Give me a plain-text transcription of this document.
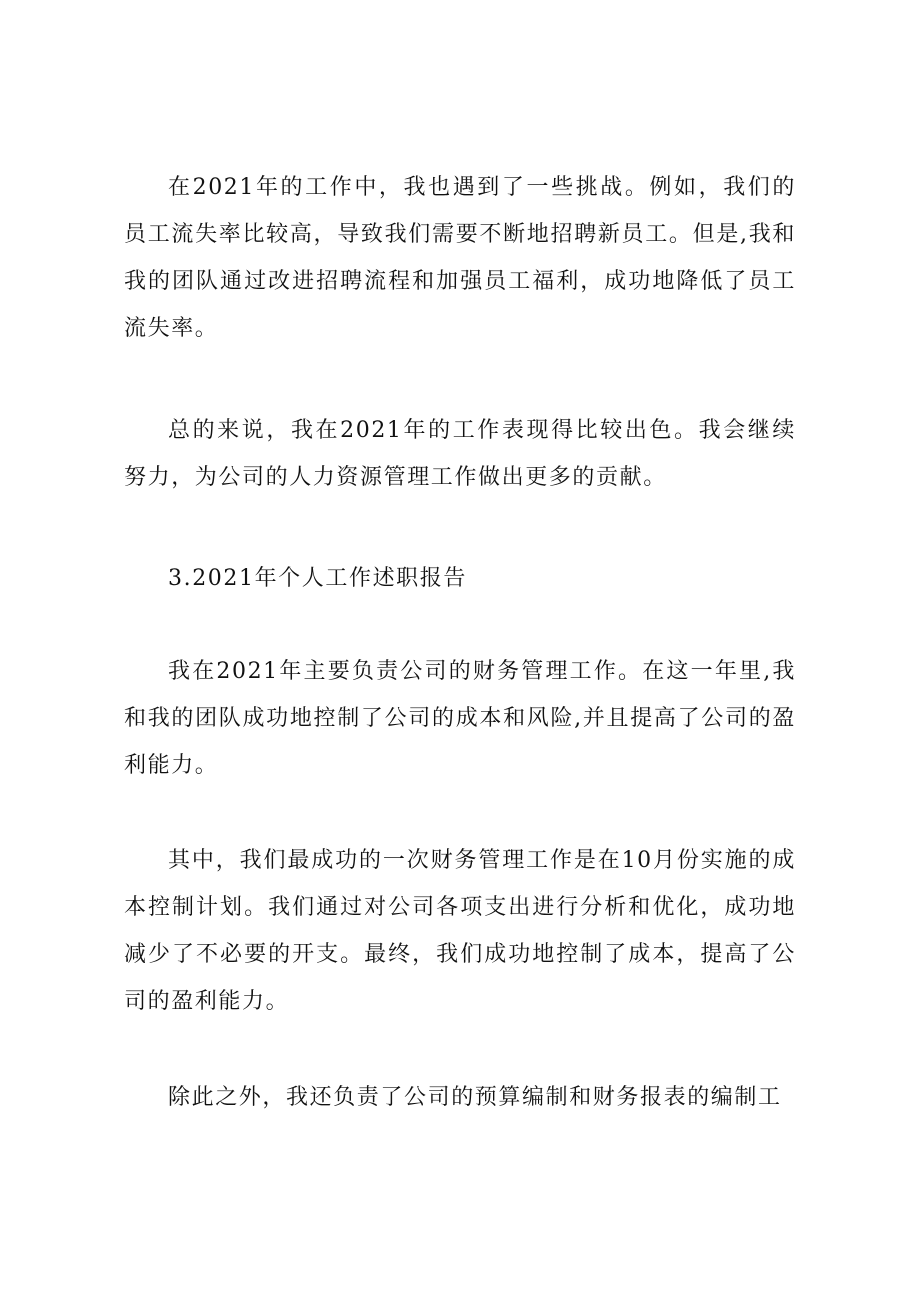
在2021年的工作中，我也遇到了一些挑战。例如，我们的员工流失率比较高，导致我们需要不断地招聘新员工。但是,我和我的团队通过改进招聘流程和加强员工福利，成功地降低了员工流失率。

总的来说，我在2021年的工作表现得比较出色。我会继续努力，为公司的人力资源管理工作做出更多的贡献。

3.2021年个人工作述职报告

我在2021年主要负责公司的财务管理工作。在这一年里,我和我的团队成功地控制了公司的成本和风险,并且提高了公司的盈利能力。

其中，我们最成功的一次财务管理工作是在10月份实施的成本控制计划。我们通过对公司各项支出进行分析和优化，成功地减少了不必要的开支。最终，我们成功地控制了成本，提高了公司的盈利能力。

除此之外，我还负责了公司的预算编制和财务报表的编制工
